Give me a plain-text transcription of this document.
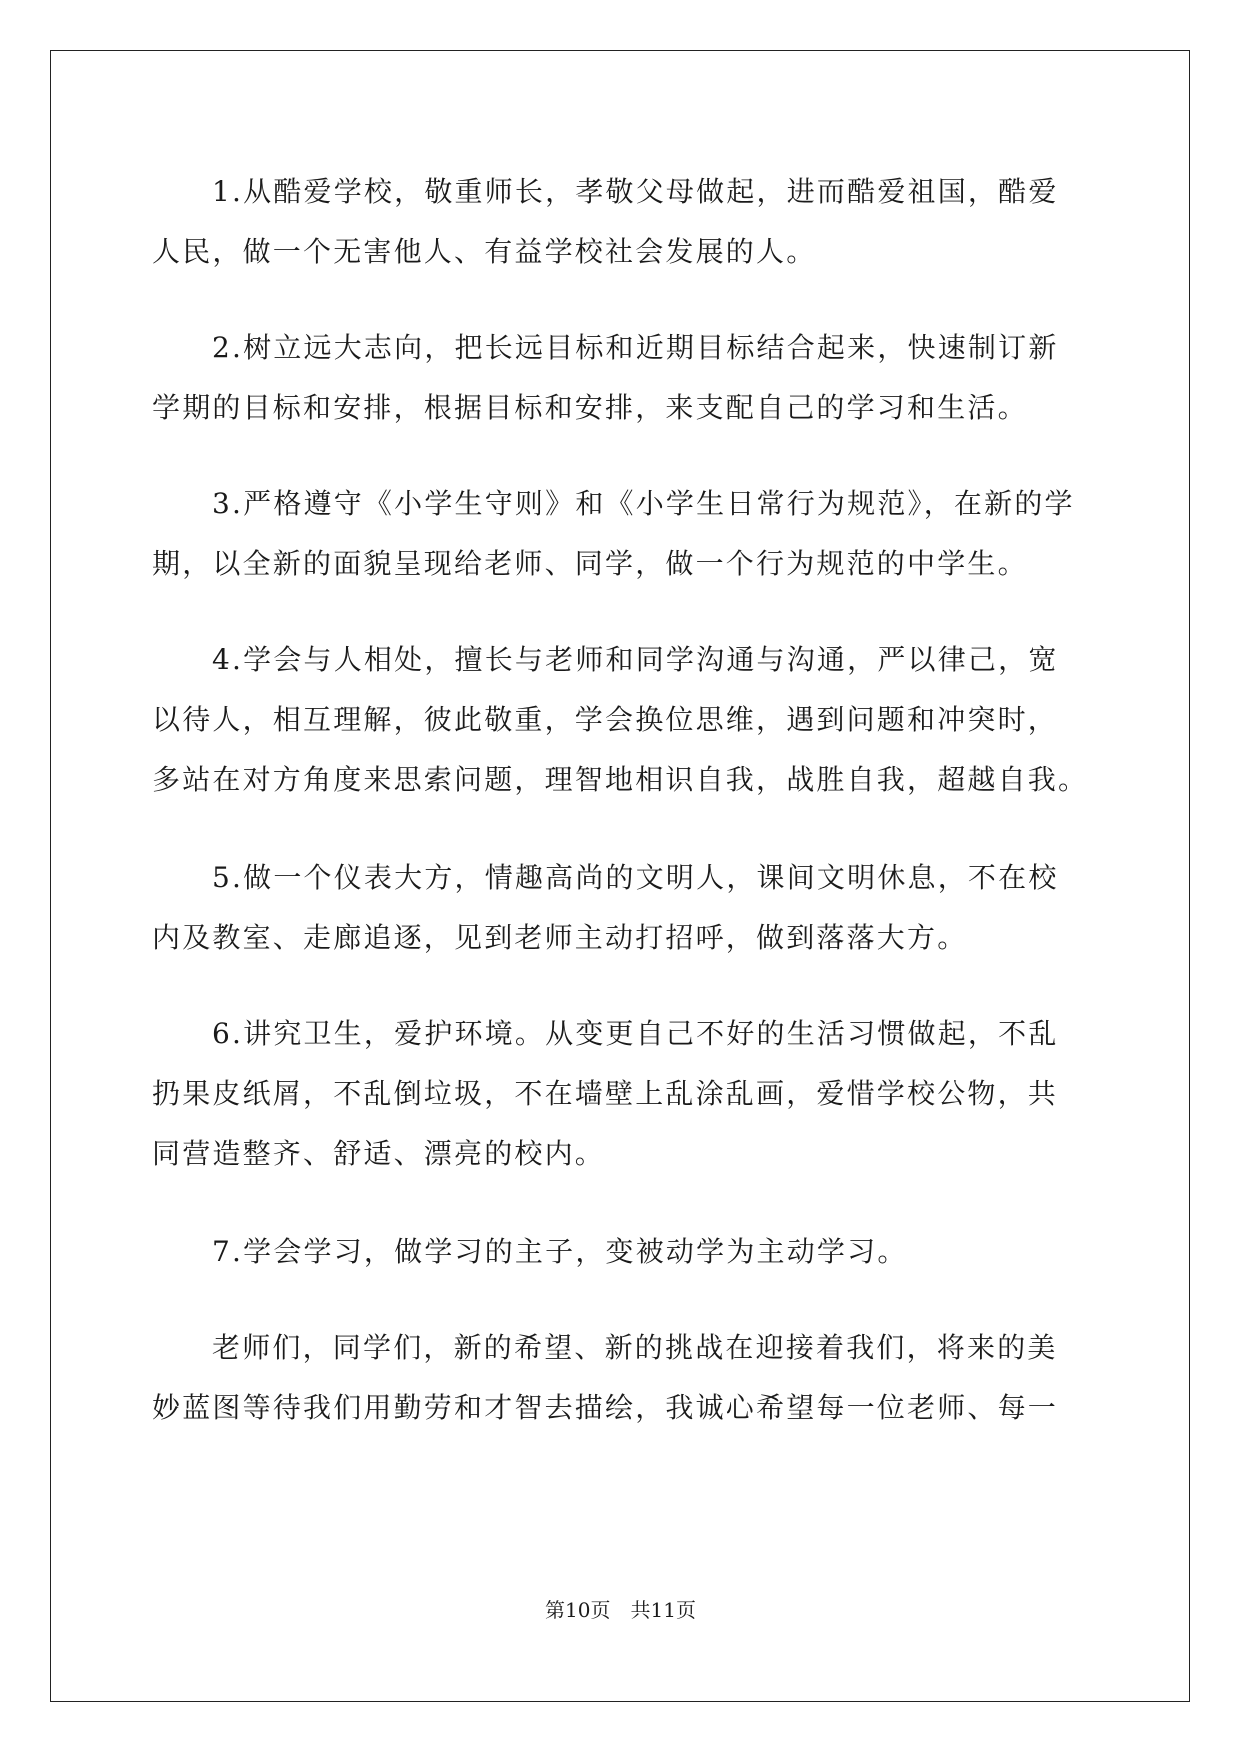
1.从酷爱学校，敬重师长，孝敬父母做起，进而酷爱祖国，酷爱
人民，做一个无害他人、有益学校社会发展的人。
2.树立远大志向，把长远目标和近期目标结合起来，快速制订新
学期的目标和安排，根据目标和安排，来支配自己的学习和生活。
3.严格遵守《小学生守则》和《小学生日常行为规范》，在新的学
期，以全新的面貌呈现给老师、同学，做一个行为规范的中学生。
4.学会与人相处，擅长与老师和同学沟通与沟通，严以律己，宽
以待人，相互理解，彼此敬重，学会换位思维，遇到问题和冲突时，
多站在对方角度来思索问题，理智地相识自我，战胜自我，超越自我。
5.做一个仪表大方，情趣高尚的文明人，课间文明休息，不在校
内及教室、走廊追逐，见到老师主动打招呼，做到落落大方。
6.讲究卫生，爱护环境。从变更自己不好的生活习惯做起，不乱
扔果皮纸屑，不乱倒垃圾，不在墙壁上乱涂乱画，爱惜学校公物，共
同营造整齐、舒适、漂亮的校内。
7.学会学习，做学习的主子，变被动学为主动学习。
老师们，同学们，新的希望、新的挑战在迎接着我们，将来的美
妙蓝图等待我们用勤劳和才智去描绘，我诚心希望每一位老师、每一
第10页　共11页
